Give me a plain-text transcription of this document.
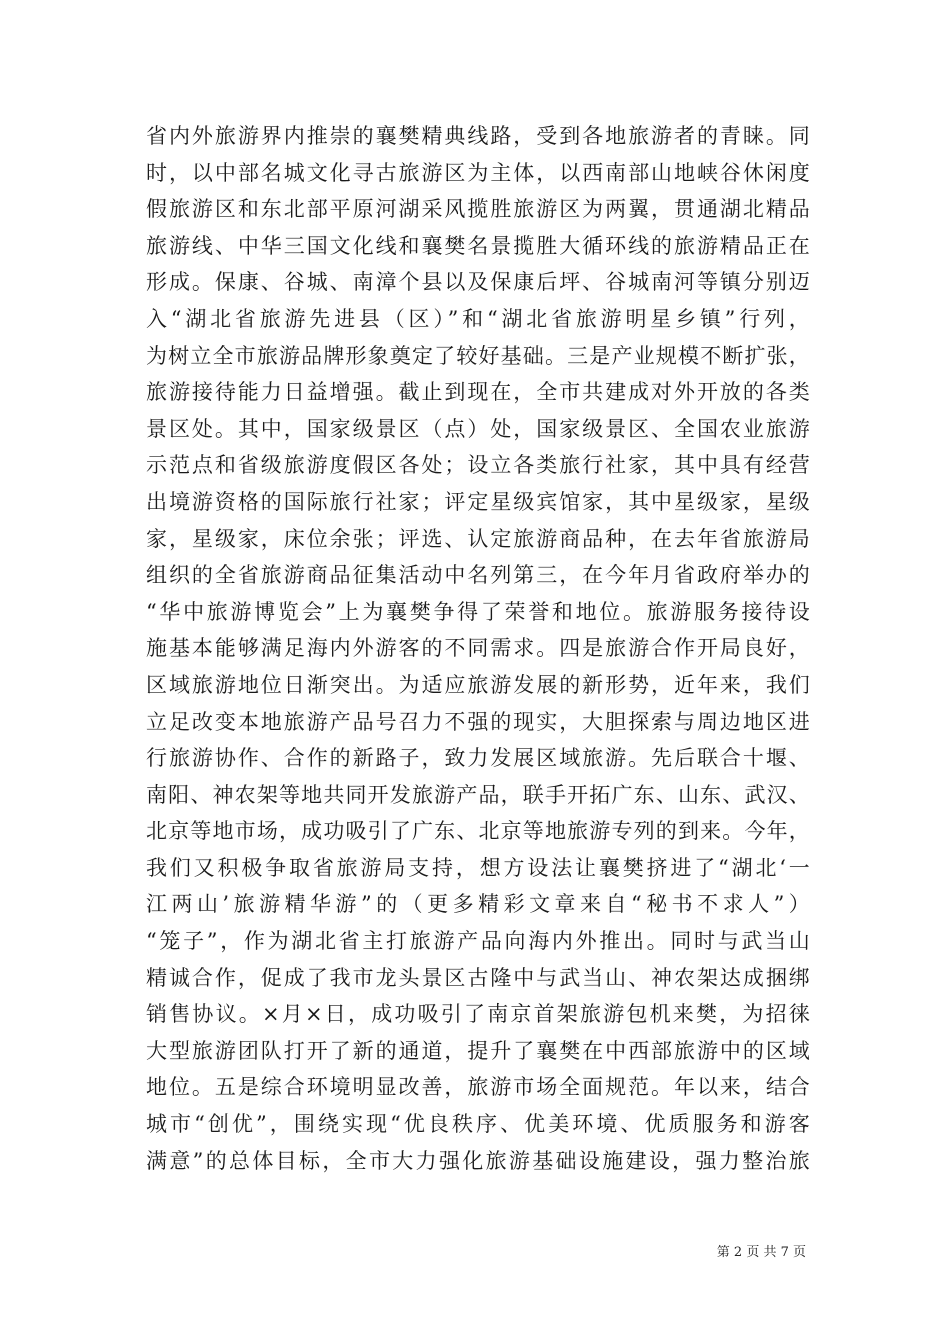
省内外旅游界内推崇的襄樊精典线路，受到各地旅游者的青睐。同
时，以中部名城文化寻古旅游区为主体，以西南部山地峡谷休闲度
假旅游区和东北部平原河湖采风揽胜旅游区为两翼，贯通湖北精品
旅游线、中华三国文化线和襄樊名景揽胜大循环线的旅游精品正在
形成。保康、谷城、南漳个县以及保康后坪、谷城南河等镇分别迈
入“湖北省旅游先进县（区）”和“湖北省旅游明星乡镇”行列，
为树立全市旅游品牌形象奠定了较好基础。三是产业规模不断扩张，
旅游接待能力日益增强。截止到现在，全市共建成对外开放的各类
景区处。其中，国家级景区（点）处，国家级景区、全国农业旅游
示范点和省级旅游度假区各处；设立各类旅行社家，其中具有经营
出境游资格的国际旅行社家；评定星级宾馆家，其中星级家，星级
家，星级家，床位余张；评选、认定旅游商品种，在去年省旅游局
组织的全省旅游商品征集活动中名列第三，在今年月省政府举办的
“华中旅游博览会”上为襄樊争得了荣誉和地位。旅游服务接待设
施基本能够满足海内外游客的不同需求。四是旅游合作开局良好，
区域旅游地位日渐突出。为适应旅游发展的新形势，近年来，我们
立足改变本地旅游产品号召力不强的现实，大胆探索与周边地区进
行旅游协作、合作的新路子，致力发展区域旅游。先后联合十堰、
南阳、神农架等地共同开发旅游产品，联手开拓广东、山东、武汉、
北京等地市场，成功吸引了广东、北京等地旅游专列的到来。今年，
我们又积极争取省旅游局支持，想方设法让襄樊挤进了“湖北‘一
江两山’旅游精华游”的（更多精彩文章来自“秘书不求人”）
“笼子”，作为湖北省主打旅游产品向海内外推出。同时与武当山
精诚合作，促成了我市龙头景区古隆中与武当山、神农架达成捆绑
销售协议。×月×日，成功吸引了南京首架旅游包机来樊，为招徕
大型旅游团队打开了新的通道，提升了襄樊在中西部旅游中的区域
地位。五是综合环境明显改善，旅游市场全面规范。年以来，结合
城市“创优”，围绕实现“优良秩序、优美环境、优质服务和游客
满意”的总体目标，全市大力强化旅游基础设施建设，强力整治旅
第 2 页 共 7 页
